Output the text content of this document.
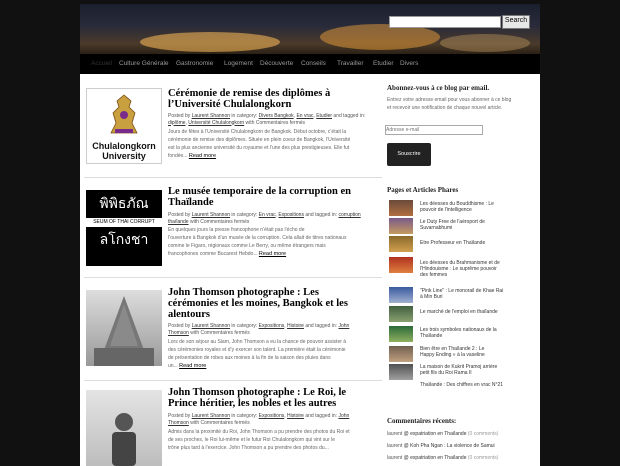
Search
Accueil Culture Générale Gastronomie Logement Découverte Conseils Travailler Etudier Divers
Chulalongkorn
University
Cérémonie de remise des diplômes à
l’Université Chulalongkorn
Posted by Laurent Shannon in category: Divers Bangkok, En vrac, Etudier and tagged in:
diplôme, Université Chulalongkorn with Commentaires fermés
Jours de fêtes à l’Université Chulalongkorn de Bangkok. Début octobre, c’était la
cérémonie de remise des diplômes. Située en plein coeur de Bangkok, l’Université
est la plus ancienne université du royaume et l’une des plus prestigieuses. Elle fut
fondée... Read more
พิพิธภัณ
SEUM OF THAI CORRUPT
ลโกงชา
Le musée temporaire de la corruption en
Thaïlande
Posted by Laurent Shannon in category: En vrac, Expositions and tagged in: corruption
thaïlande with Commentaires fermés
En quelques jours la presse francophone n’était pas l’écho de
l’ouverture à Bangkok d’un musée de la corruption. Cela allait de titres nationaux
comme le Figaro, régionaux comme Le Berry, ou même étrangers mais
francophones comme Bucarest Hebdo... Read more
John Thomson photographe : Les
cérémonies et les moines, Bangkok et les
alentours
Posted by Laurent Shannon in category: Expositions, Histoire and tagged in: John
Thomson with Commentaires fermés
Lors de son séjour au Siam, John Thomson a eu la chance de pouvoir assister à
des cérémonies royales et d’y exercer son talent. La première était la cérémonie
de présentation de robes aux moines à la fin de la saison des pluies dans
un... Read more
John Thomson photographe : Le Roi, le
Prince héritier, les nobles et les autres
Posted by Laurent Shannon in category: Expositions, Histoire and tagged in: John
Thomson with Commentaires fermés
Admis dans la proximité du Roi, John Thomson a pu prendre des photos du Roi et
de ses proches, le Roi lui-même et le futur Roi Chulalongkorn qui vint sur le
trône plus tard à l’exercice. John Thomson a pu prendre des photos du...
Abonnez-vous à ce blog par email.
Entrez votre adresse email pour vous abonner à ce blog
et recevoir une notification de chaque nouvel article.
Adresse e-mail
Souscrire
Pages et Articles Phares
Les déesses du Bouddhisme : Le
pouvoir de l'intelligence
Le Duty Free de l'aéroport de
Suvarnabhumi
Etre Professeur en Thaïlande
Les déesses du Brahmanisme et de
l'Hindouisme : Le suprême pouvoir
des femmes
"Pink Line" : Le monorail de Khae Rai
à Min Buri
Le marché de l'emploi en thaïlande
Les trois symboles nationaux de la
Thaïlande
Bien être en Thaïlande 2 : Le
Happy Ending » à la vaseline
La maison de Kukrit Pramoj arrière
petit fils du Roi Rama II
Thaïlande : Des chiffres en vrac N°21
Commentaires récents:
laurent @ expatriation en Thaïlande (0 comments)
laurent @ Koh Pha Ngan : La violence de Samui
laurent @ expatriation en Thaïlande (0 comments)
